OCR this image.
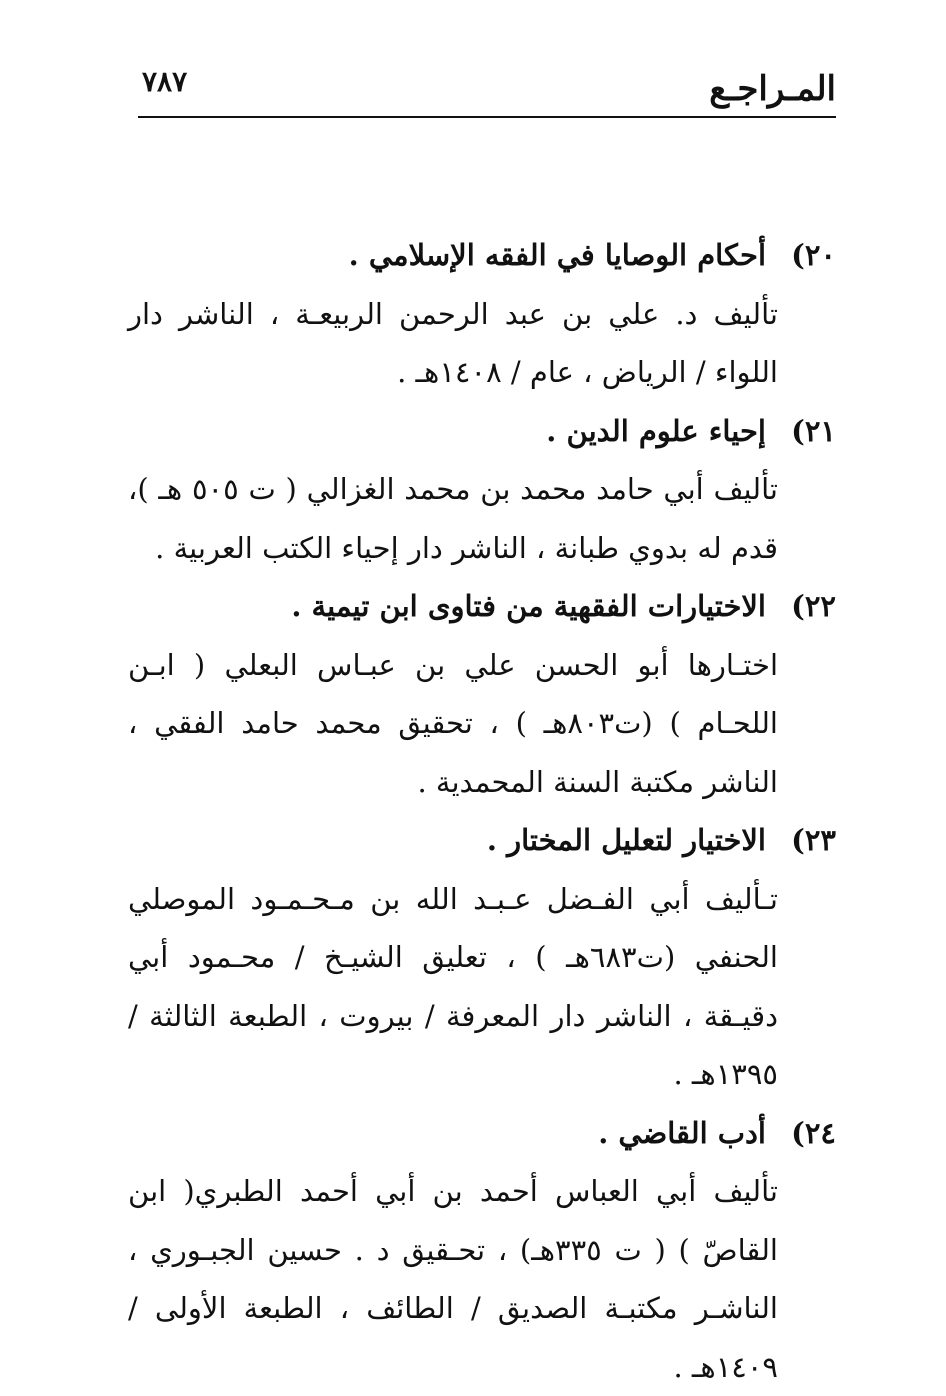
المـراجـع
٧٨٧
٢٠)
أحكام الوصايا في الفقه الإسلامي .
تأليف د. علي بن عبد الرحمن الربيعـة ، الناشر دار اللواء / الرياض ، عام / ١٤٠٨هـ .
٢١)
إحياء علوم الدين .
تأليف أبي حامد محمد بن محمد الغزالي ( ت ٥٠٥ هـ )، قدم له بدوي طبانة ، الناشر دار إحياء الكتب العربية .
٢٢)
الاختيارات الفقهية من فتاوى ابن تيمية .
اختـارها أبو الحسن علي بن عبـاس البعلي ( ابـن اللحـام ) (ت٨٠٣هـ ) ، تحقيق محمد حامد الفقي ، الناشر مكتبة السنة المحمدية .
٢٣)
الاختيار لتعليل المختار .
تـأليف أبي الفـضل عـبـد الله بن مـحـمـود الموصلي الحنفي (ت٦٨٣هـ ) ، تعليق الشيـخ / محـمود أبي دقيـقة ، الناشر دار المعرفة / بيروت ، الطبعة الثالثة / ١٣٩٥هـ .
٢٤)
أدب القاضي .
تأليف أبي العباس أحمد بن أبي أحمد الطبري( ابن القاصّ ) ( ت ٣٣٥هـ) ، تحـقيق د . حسين الجبـوري ، الناشـر مكتبـة الصديق / الطائف ، الطبعة الأولى / ١٤٠٩هـ .
